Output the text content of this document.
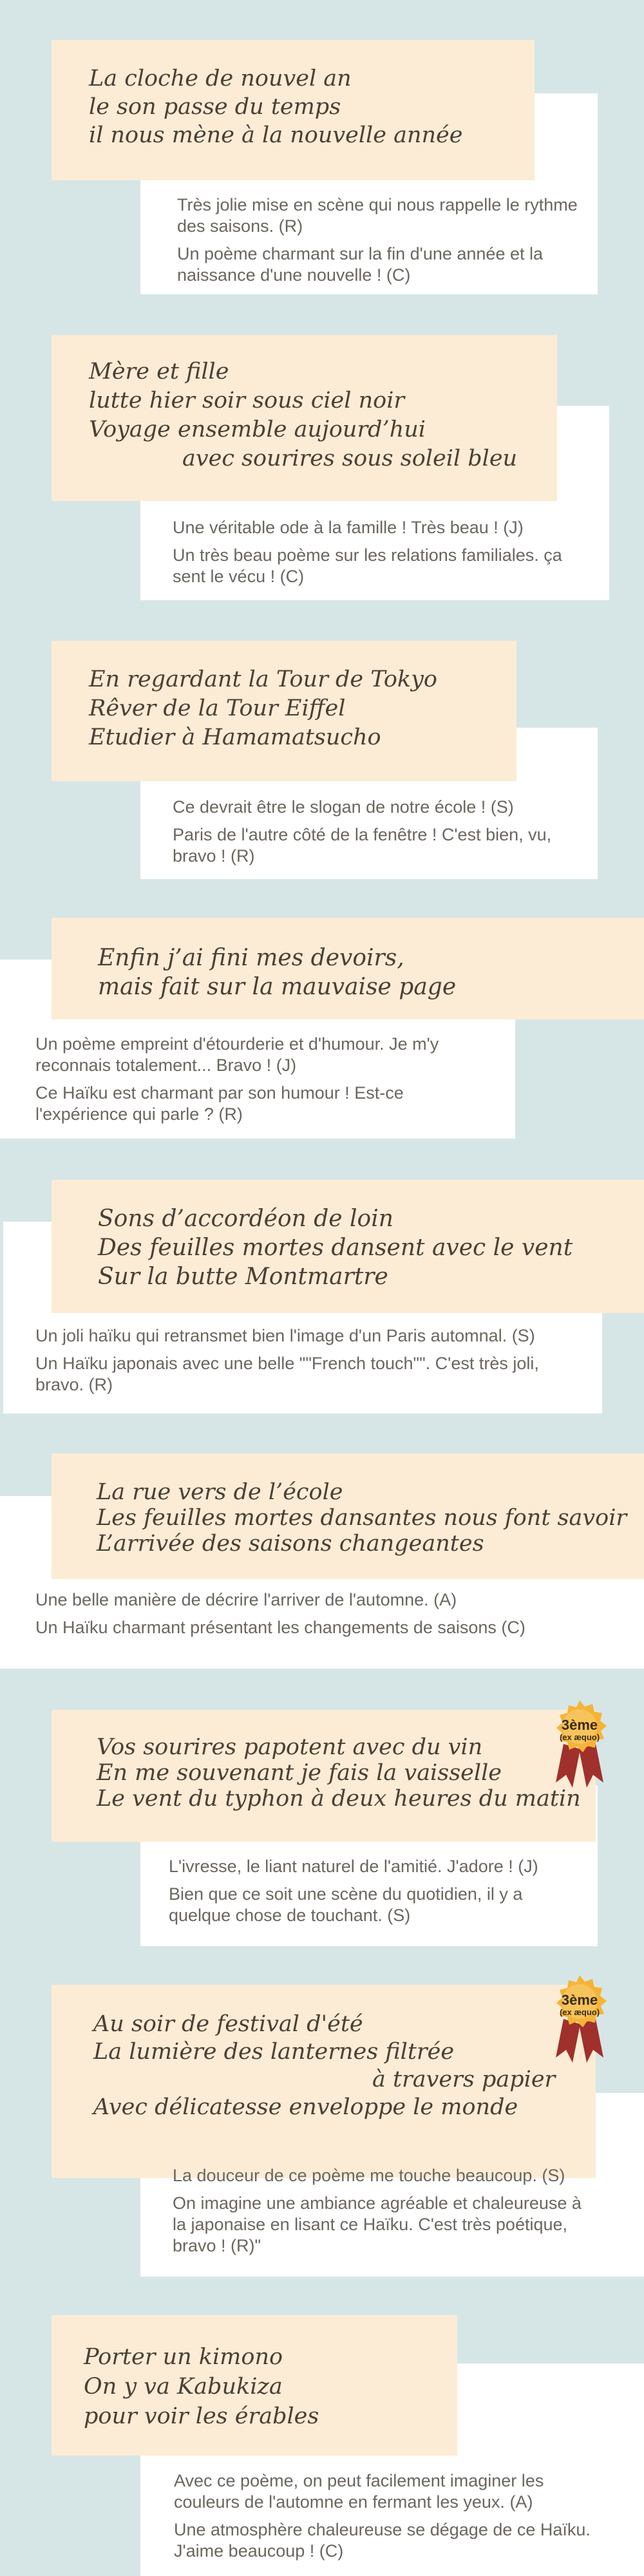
La cloche de nouvel an
le son passe du temps
il nous mène à la nouvelle année

Très jolie mise en scène qui nous rappelle le rythme des saisons. (R)

Un poème charmant sur la fin d'une année et la naissance d'une nouvelle ! (C)

Mère et fille
lutte hier soir sous ciel noir
Voyage ensemble aujourd’hui
avec sourires sous soleil bleu

Une véritable ode à la famille ! Très beau ! (J)

Un très beau poème sur les relations familiales. ça sent le vécu ! (C)

En regardant la Tour de Tokyo
Rêver de la Tour Eiffel
Etudier à Hamamatsucho

Ce devrait être le slogan de notre école ! (S)

Paris de l'autre côté de la fenêtre ! C'est bien, vu, bravo ! (R)

Enfin j’ai fini mes devoirs,
mais fait sur la mauvaise page

Un poème empreint d'étourderie et d'humour. Je m'y reconnais totalement... Bravo ! (J)

Ce Haïku est charmant par son humour ! Est-ce l'expérience qui parle ? (R)

Sons d’accordéon de loin
Des feuilles mortes dansent avec le vent
Sur la butte Montmartre

Un joli haïku qui retransmet bien l'image d'un Paris automnal. (S)

Un Haïku japonais avec une belle ""French touch"". C'est très joli, bravo. (R)

La rue vers de l’école
Les feuilles mortes dansantes nous font savoir
L’arrivée des saisons changeantes

Une belle manière de décrire l'arriver de l'automne. (A)

Un Haïku charmant présentant les changements de saisons (C)

Vos sourires papotent avec du vin
En me souvenant je fais la vaisselle
Le vent du typhon à deux heures du matin
3ème
(ex æquo)

L'ivresse, le liant naturel de l'amitié. J'adore ! (J)

Bien que ce soit une scène du quotidien, il y a quelque chose de touchant. (S)

Au soir de festival d'été
La lumière des lanternes filtrée
à travers papier
Avec délicatesse enveloppe le monde
3ème
(ex æquo)

La douceur de ce poème me touche beaucoup. (S)

On imagine une ambiance agréable et chaleureuse à la japonaise en lisant ce Haïku. C'est très poétique, bravo ! (R)"

Porter un kimono
On y va Kabukiza
pour voir les érables

Avec ce poème, on peut facilement imaginer les couleurs de l'automne en fermant les yeux. (A)

Une atmosphère chaleureuse se dégage de ce Haïku. J'aime beaucoup ! (C)
